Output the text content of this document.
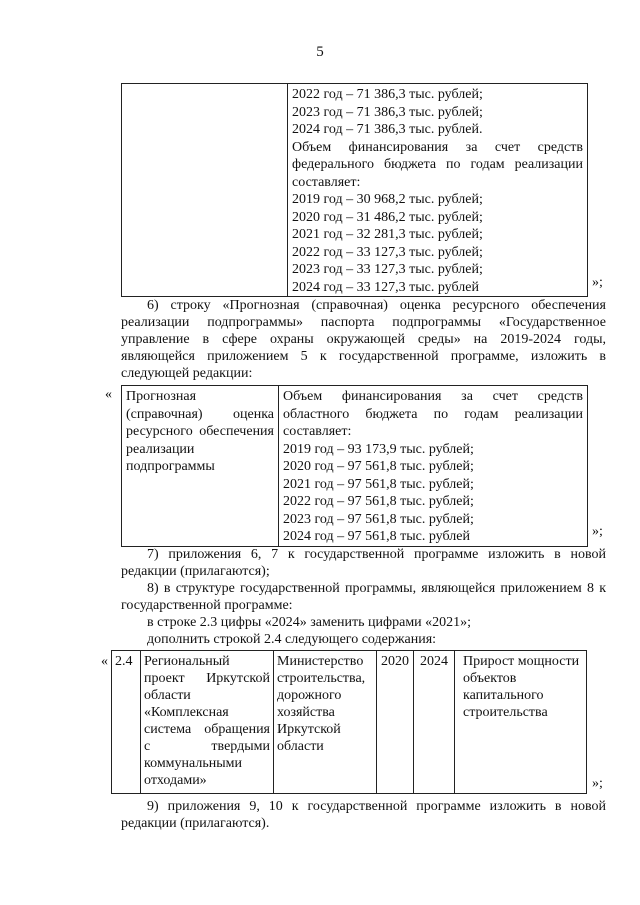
5

2022 год – 71 386,3 тыс. рублей;
2023 год – 71 386,3 тыс. рублей;
2024 год – 71 386,3 тыс. рублей.
Объем финансирования за счет средств федерального бюджета по годам реализации составляет:
2019 год – 30 968,2 тыс. рублей;
2020 год – 31 486,2 тыс. рублей;
2021 год – 32 281,3 тыс. рублей;
2022 год – 33 127,3 тыс. рублей;
2023 год – 33 127,3 тыс. рублей;
2024 год – 33 127,3 тыс. рублей	»;
6) строку «Прогнозная (справочная) оценка ресурсного обеспечения реализации подпрограммы» паспорта подпрограммы «Государственное управление в сфере охраны окружающей среды» на 2019-2024 годы, являющейся приложением 5 к государственной программе, изложить в следующей редакции:
« Прогнозная (справочная) оценка ресурсного обеспечения реализации подпрограммы

Объем финансирования за счет средств областного бюджета по годам реализации составляет:
2019 год – 93 173,9 тыс. рублей;
2020 год – 97 561,8 тыс. рублей;
2021 год – 97 561,8 тыс. рублей;
2022 год – 97 561,8 тыс. рублей;
2023 год – 97 561,8 тыс. рублей;
2024 год – 97 561,8 тыс. рублей	»;
7) приложения 6, 7 к государственной программе изложить в новой редакции (прилагаются);
8) в структуре государственной программы, являющейся приложением 8 к государственной программе:
в строке 2.3 цифры «2024» заменить цифрами «2021»;
дополнить строкой 2.4 следующего содержания:
« 2.4	Региональный проект Иркутской области «Комплексная система обращения с твердыми коммунальными отходами»	Министерство строительства, дорожного хозяйства Иркутской области	2020	2024	Прирост мощности объектов капитального строительства
»;
9) приложения 9, 10 к государственной программе изложить в новой редакции (прилагаются).
